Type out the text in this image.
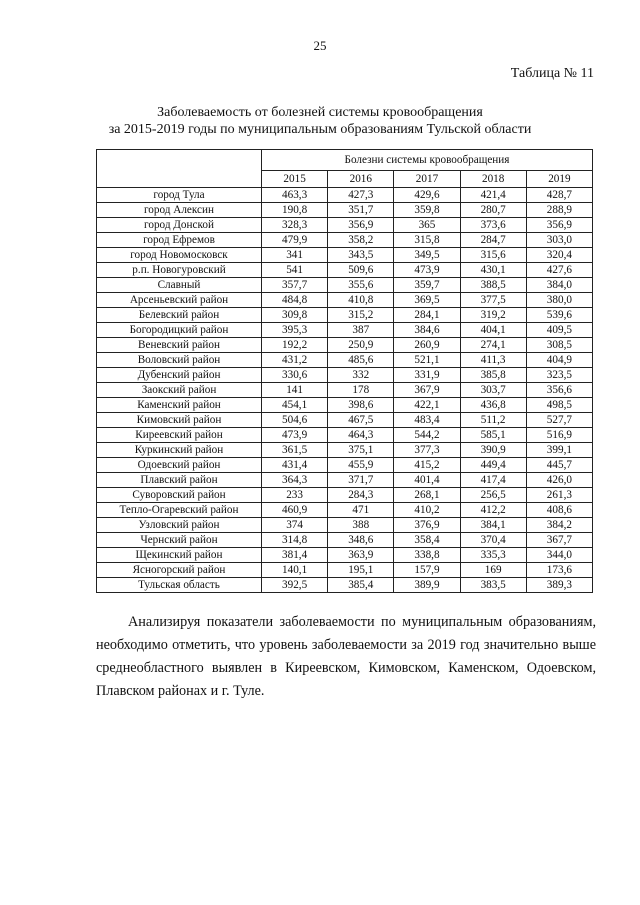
25
Таблица № 11
Заболеваемость от болезней системы кровообращения
за 2015-2019 годы по муниципальным образованиям Тульской области
	Болезни системы кровообращения				
	2015	2016	2017	2018	2019
город Тула	463,3	427,3	429,6	421,4	428,7
город Алексин	190,8	351,7	359,8	280,7	288,9
город Донской	328,3	356,9	365	373,6	356,9
город Ефремов	479,9	358,2	315,8	284,7	303,0
город Новомосковск	341	343,5	349,5	315,6	320,4
р.п. Новогуровский	541	509,6	473,9	430,1	427,6
Славный	357,7	355,6	359,7	388,5	384,0
Арсеньевский район	484,8	410,8	369,5	377,5	380,0
Белевский район	309,8	315,2	284,1	319,2	539,6
Богородицкий район	395,3	387	384,6	404,1	409,5
Веневский район	192,2	250,9	260,9	274,1	308,5
Воловский район	431,2	485,6	521,1	411,3	404,9
Дубенский район	330,6	332	331,9	385,8	323,5
Заокский район	141	178	367,9	303,7	356,6
Каменский район	454,1	398,6	422,1	436,8	498,5
Кимовский район	504,6	467,5	483,4	511,2	527,7
Киреевский район	473,9	464,3	544,2	585,1	516,9
Куркинский район	361,5	375,1	377,3	390,9	399,1
Одоевский район	431,4	455,9	415,2	449,4	445,7
Плавский район	364,3	371,7	401,4	417,4	426,0
Суворовский район	233	284,3	268,1	256,5	261,3
Тепло-Огаревский район	460,9	471	410,2	412,2	408,6
Узловский район	374	388	376,9	384,1	384,2
Чернский район	314,8	348,6	358,4	370,4	367,7
Щекинский район	381,4	363,9	338,8	335,3	344,0
Ясногорский район	140,1	195,1	157,9	169	173,6
Тульская область	392,5	385,4	389,9	383,5	389,3
Анализируя показатели заболеваемости по муниципальным образованиям, необходимо отметить, что уровень заболеваемости за 2019 год значительно выше среднеобластного выявлен в Киреевском, Кимовском, Каменском, Одоевском, Плавском районах и г. Туле.
